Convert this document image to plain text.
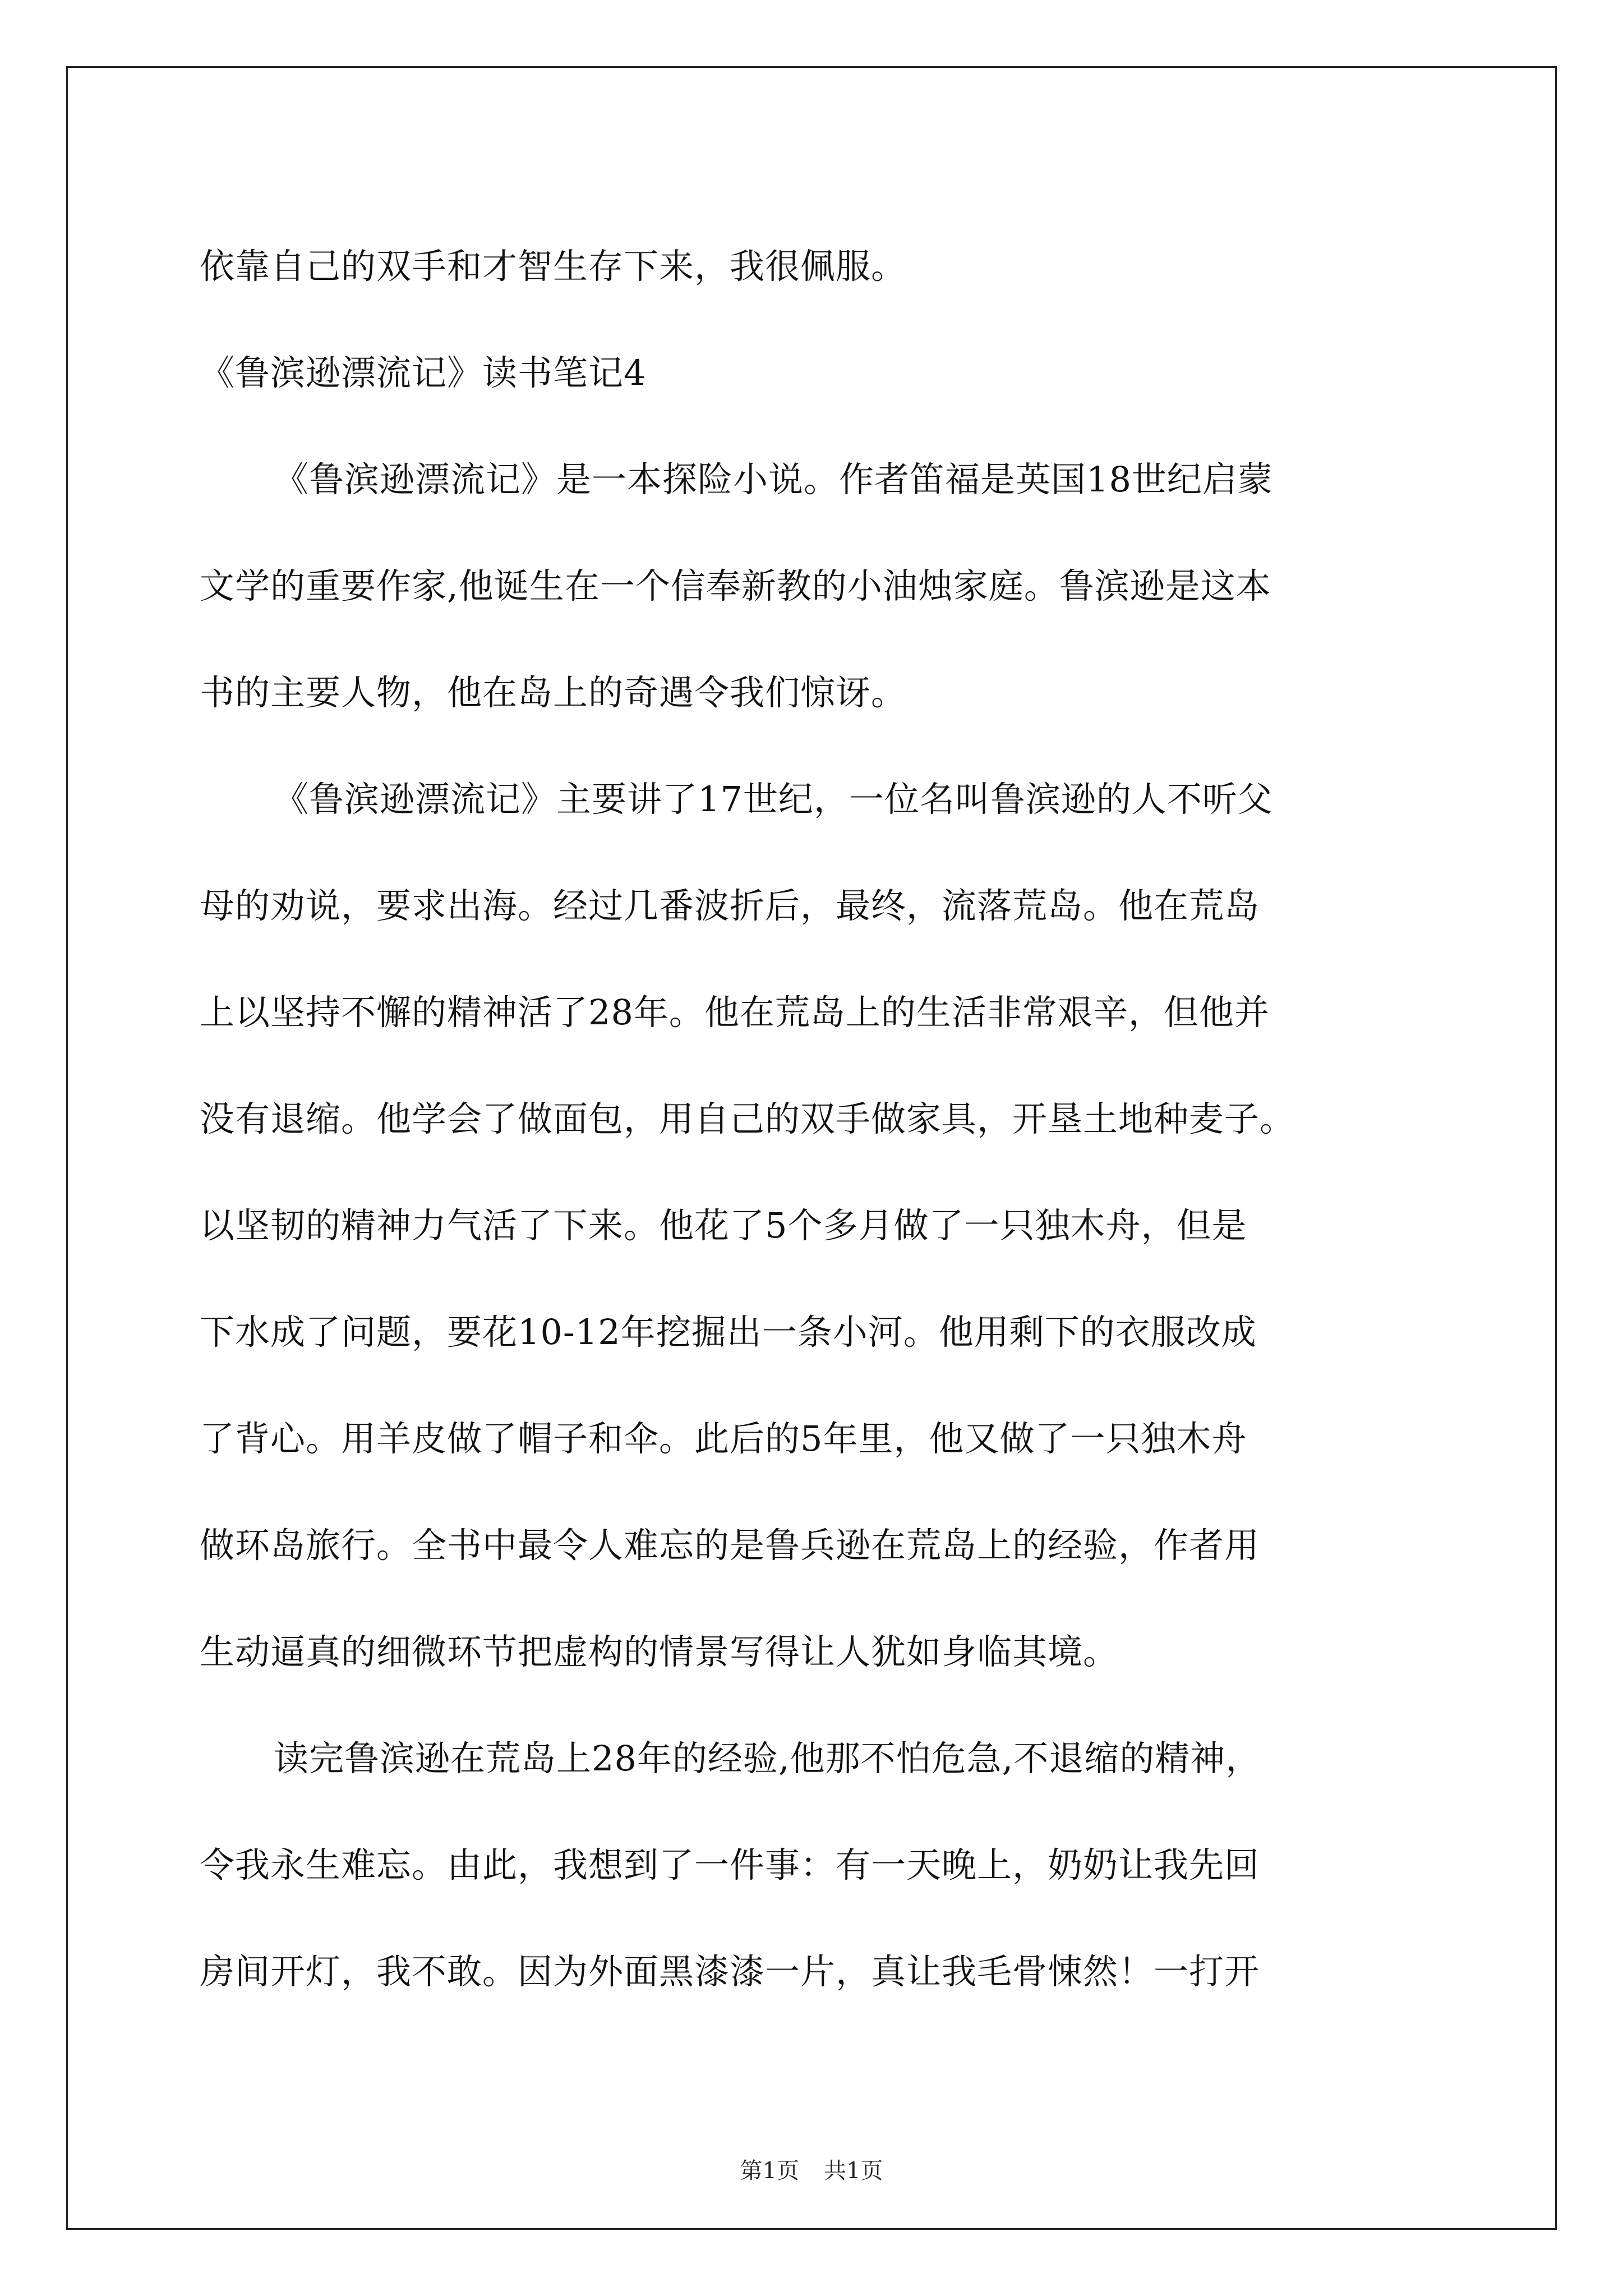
依靠自己的双手和才智生存下来，我很佩服。
《鲁滨逊漂流记》读书笔记4
《鲁滨逊漂流记》是一本探险小说。作者笛福是英国18世纪启蒙
文学的重要作家,他诞生在一个信奉新教的小油烛家庭。鲁滨逊是这本
书的主要人物，他在岛上的奇遇令我们惊讶。
《鲁滨逊漂流记》主要讲了17世纪，一位名叫鲁滨逊的人不听父
母的劝说，要求出海。经过几番波折后，最终，流落荒岛。他在荒岛
上以坚持不懈的精神活了28年。他在荒岛上的生活非常艰辛，但他并
没有退缩。他学会了做面包，用自己的双手做家具，开垦土地种麦子。
以坚韧的精神力气活了下来。他花了5个多月做了一只独木舟，但是
下水成了问题，要花10-12年挖掘出一条小河。他用剩下的衣服改成
了背心。用羊皮做了帽子和伞。此后的5年里，他又做了一只独木舟
做环岛旅行。全书中最令人难忘的是鲁兵逊在荒岛上的经验，作者用
生动逼真的细微环节把虚构的情景写得让人犹如身临其境。
读完鲁滨逊在荒岛上28年的经验,他那不怕危急,不退缩的精神，
令我永生难忘。由此，我想到了一件事：有一天晚上，奶奶让我先回
房间开灯，我不敢。因为外面黑漆漆一片，真让我毛骨悚然！一打开
第1页 共1页
